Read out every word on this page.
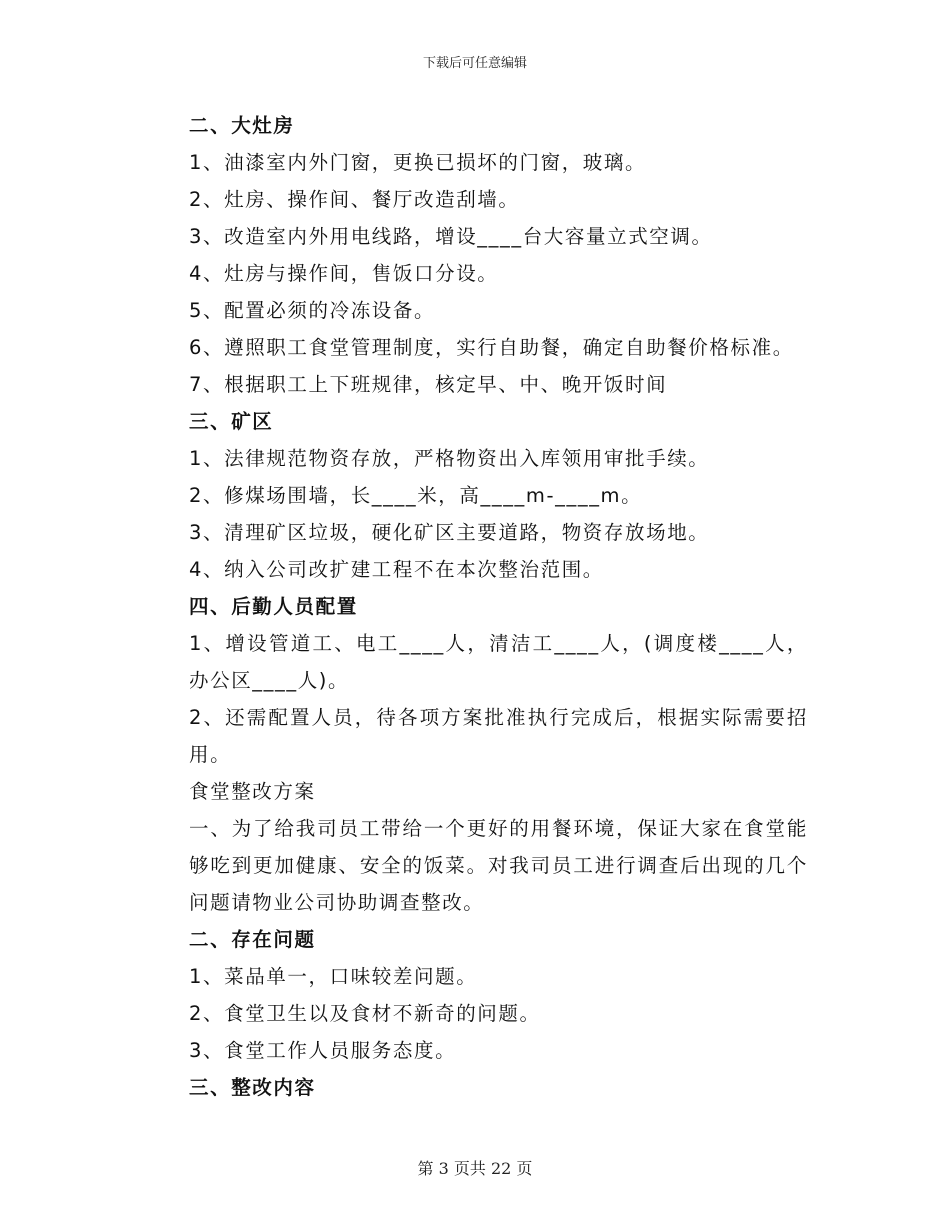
下载后可任意编辑

二、大灶房

1、油漆室内外门窗，更换已损坏的门窗，玻璃。

2、灶房、操作间、餐厅改造刮墙。

3、改造室内外用电线路，增设____台大容量立式空调。

4、灶房与操作间，售饭口分设。

5、配置必须的冷冻设备。

6、遵照职工食堂管理制度，实行自助餐，确定自助餐价格标准。

7、根据职工上下班规律，核定早、中、晚开饭时间

三、矿区

1、法律规范物资存放，严格物资出入库领用审批手续。

2、修煤场围墙，长____米，高____m-____m。

3、清理矿区垃圾，硬化矿区主要道路，物资存放场地。

4、纳入公司改扩建工程不在本次整治范围。

四、后勤人员配置

1、增设管道工、电工____人，清洁工____人，(调度楼____人，办公区____人)。

2、还需配置人员，待各项方案批准执行完成后，根据实际需要招用。

食堂整改方案

一、为了给我司员工带给一个更好的用餐环境，保证大家在食堂能够吃到更加健康、安全的饭菜。对我司员工进行调查后出现的几个问题请物业公司协助调查整改。

二、存在问题

1、菜品单一，口味较差问题。

2、食堂卫生以及食材不新奇的问题。

3、食堂工作人员服务态度。

三、整改内容

第 3 页共 22 页
